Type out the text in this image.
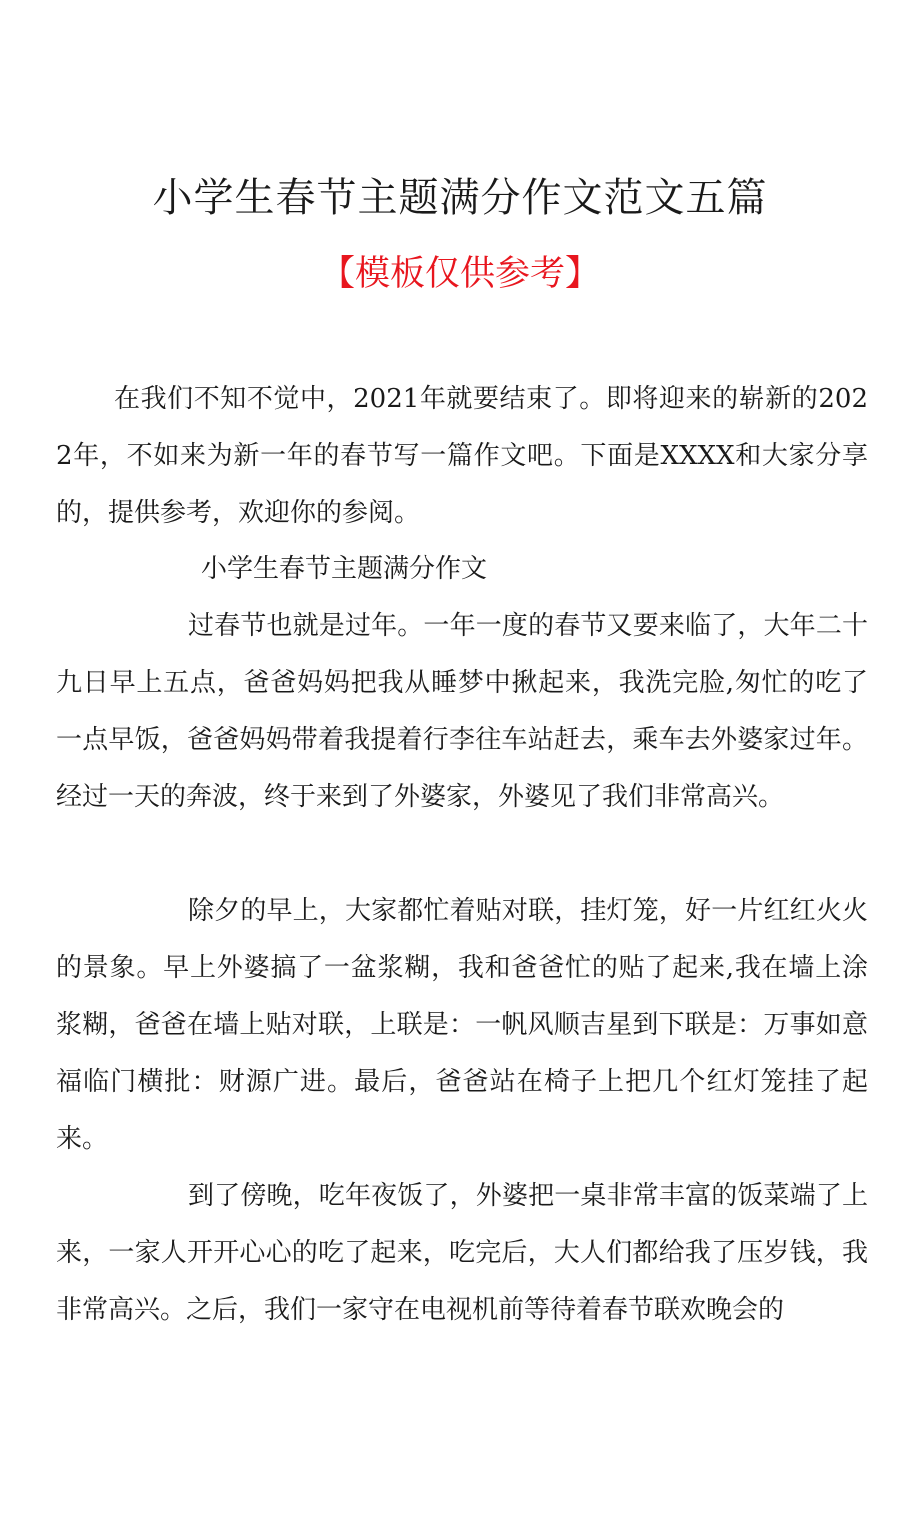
小学生春节主题满分作文范文五篇
【模板仅供参考】

在我们不知不觉中，2021年就要结束了。即将迎来的崭新的2022年，不如来为新一年的春节写一篇作文吧。下面是XXXX和大家分享的，提供参考，欢迎你的参阅。

小学生春节主题满分作文

过春节也就是过年。一年一度的春节又要来临了，大年二十九日早上五点，爸爸妈妈把我从睡梦中揪起来，我洗完脸,匆忙的吃了一点早饭，爸爸妈妈带着我提着行李往车站赶去，乘车去外婆家过年。经过一天的奔波，终于来到了外婆家，外婆见了我们非常高兴。

除夕的早上，大家都忙着贴对联，挂灯笼，好一片红红火火的景象。早上外婆搞了一盆浆糊，我和爸爸忙的贴了起来,我在墙上涂浆糊，爸爸在墙上贴对联，上联是：一帆风顺吉星到下联是：万事如意福临门横批：财源广进。最后，爸爸站在椅子上把几个红灯笼挂了起来。

到了傍晚，吃年夜饭了，外婆把一桌非常丰富的饭菜端了上来，一家人开开心心的吃了起来，吃完后，大人们都给我了压岁钱，我非常高兴。之后，我们一家守在电视机前等待着春节联欢晚会的
